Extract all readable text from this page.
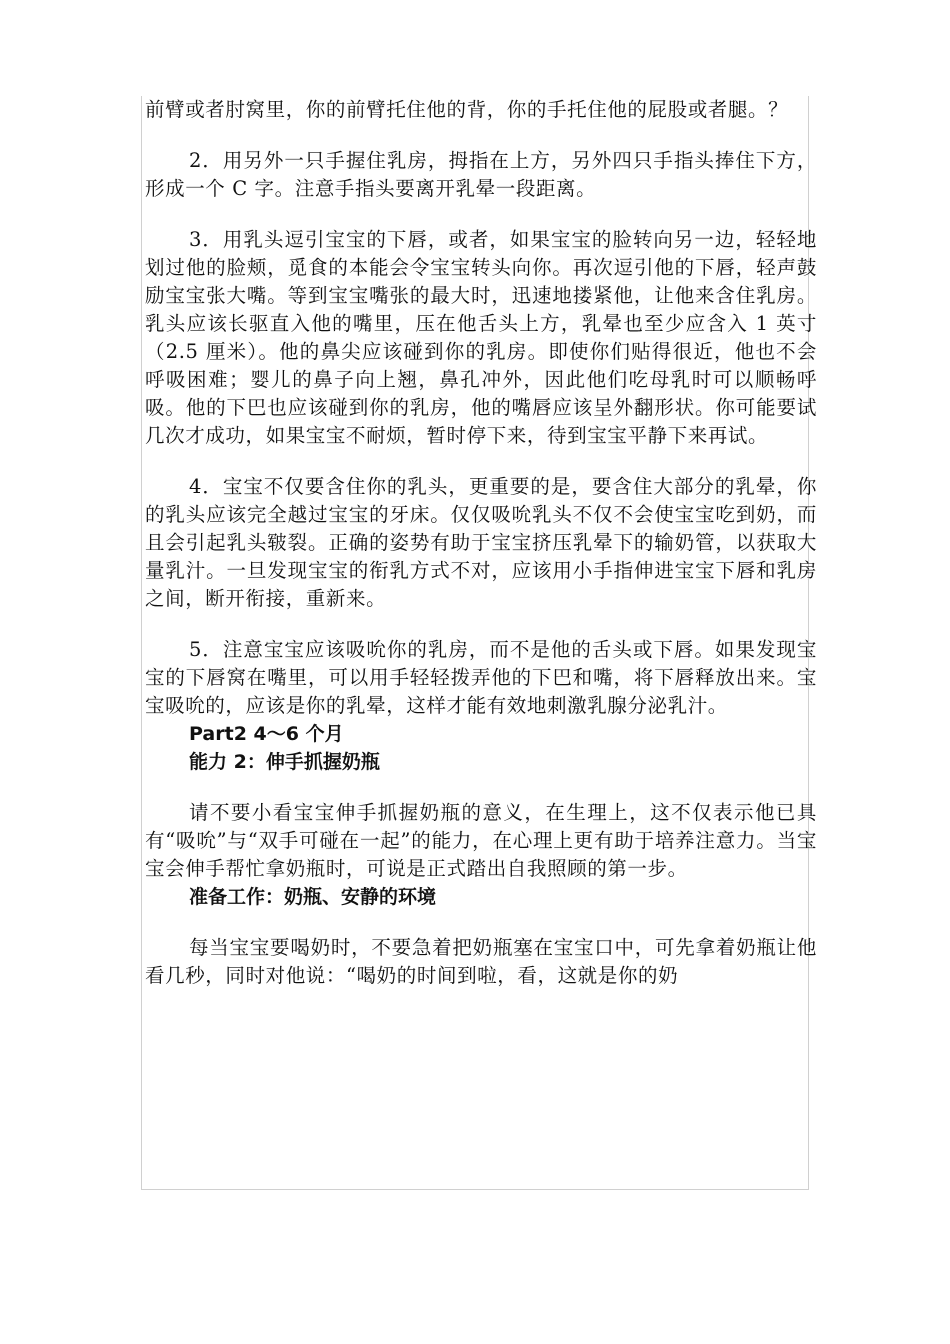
前臂或者肘窝里，你的前臂托住他的背，你的手托住他的屁股或者腿。？

2．用另外一只手握住乳房，拇指在上方，另外四只手指头捧住下方，形成一个 C 字。注意手指头要离开乳晕一段距离。

3．用乳头逗引宝宝的下唇，或者，如果宝宝的脸转向另一边，轻轻地划过他的脸颊，觅食的本能会令宝宝转头向你。再次逗引他的下唇，轻声鼓励宝宝张大嘴。等到宝宝嘴张的最大时，迅速地搂紧他，让他来含住乳房。乳头应该长驱直入他的嘴里，压在他舌头上方，乳晕也至少应含入 1 英寸（2.5 厘米）。他的鼻尖应该碰到你的乳房。即使你们贴得很近，他也不会呼吸困难；婴儿的鼻子向上翘，鼻孔冲外，因此他们吃母乳时可以顺畅呼吸。他的下巴也应该碰到你的乳房，他的嘴唇应该呈外翻形状。你可能要试几次才成功，如果宝宝不耐烦，暂时停下来，待到宝宝平静下来再试。

4．宝宝不仅要含住你的乳头，更重要的是，要含住大部分的乳晕，你的乳头应该完全越过宝宝的牙床。仅仅吸吮乳头不仅不会使宝宝吃到奶，而且会引起乳头皲裂。正确的姿势有助于宝宝挤压乳晕下的输奶管，以获取大量乳汁。一旦发现宝宝的衔乳方式不对，应该用小手指伸进宝宝下唇和乳房之间，断开衔接，重新来。

5．注意宝宝应该吸吮你的乳房，而不是他的舌头或下唇。如果发现宝宝的下唇窝在嘴里，可以用手轻轻拨弄他的下巴和嘴，将下唇释放出来。宝宝吸吮的，应该是你的乳晕，这样才能有效地刺激乳腺分泌乳汁。

Part2 4～6 个月

能力 2：伸手抓握奶瓶

请不要小看宝宝伸手抓握奶瓶的意义，在生理上，这不仅表示他已具有“吸吮”与“双手可碰在一起”的能力，在心理上更有助于培养注意力。当宝宝会伸手帮忙拿奶瓶时，可说是正式踏出自我照顾的第一步。

准备工作：奶瓶、安静的环境

每当宝宝要喝奶时，不要急着把奶瓶塞在宝宝口中，可先拿着奶瓶让他看几秒，同时对他说：“喝奶的时间到啦，看，这就是你的奶
